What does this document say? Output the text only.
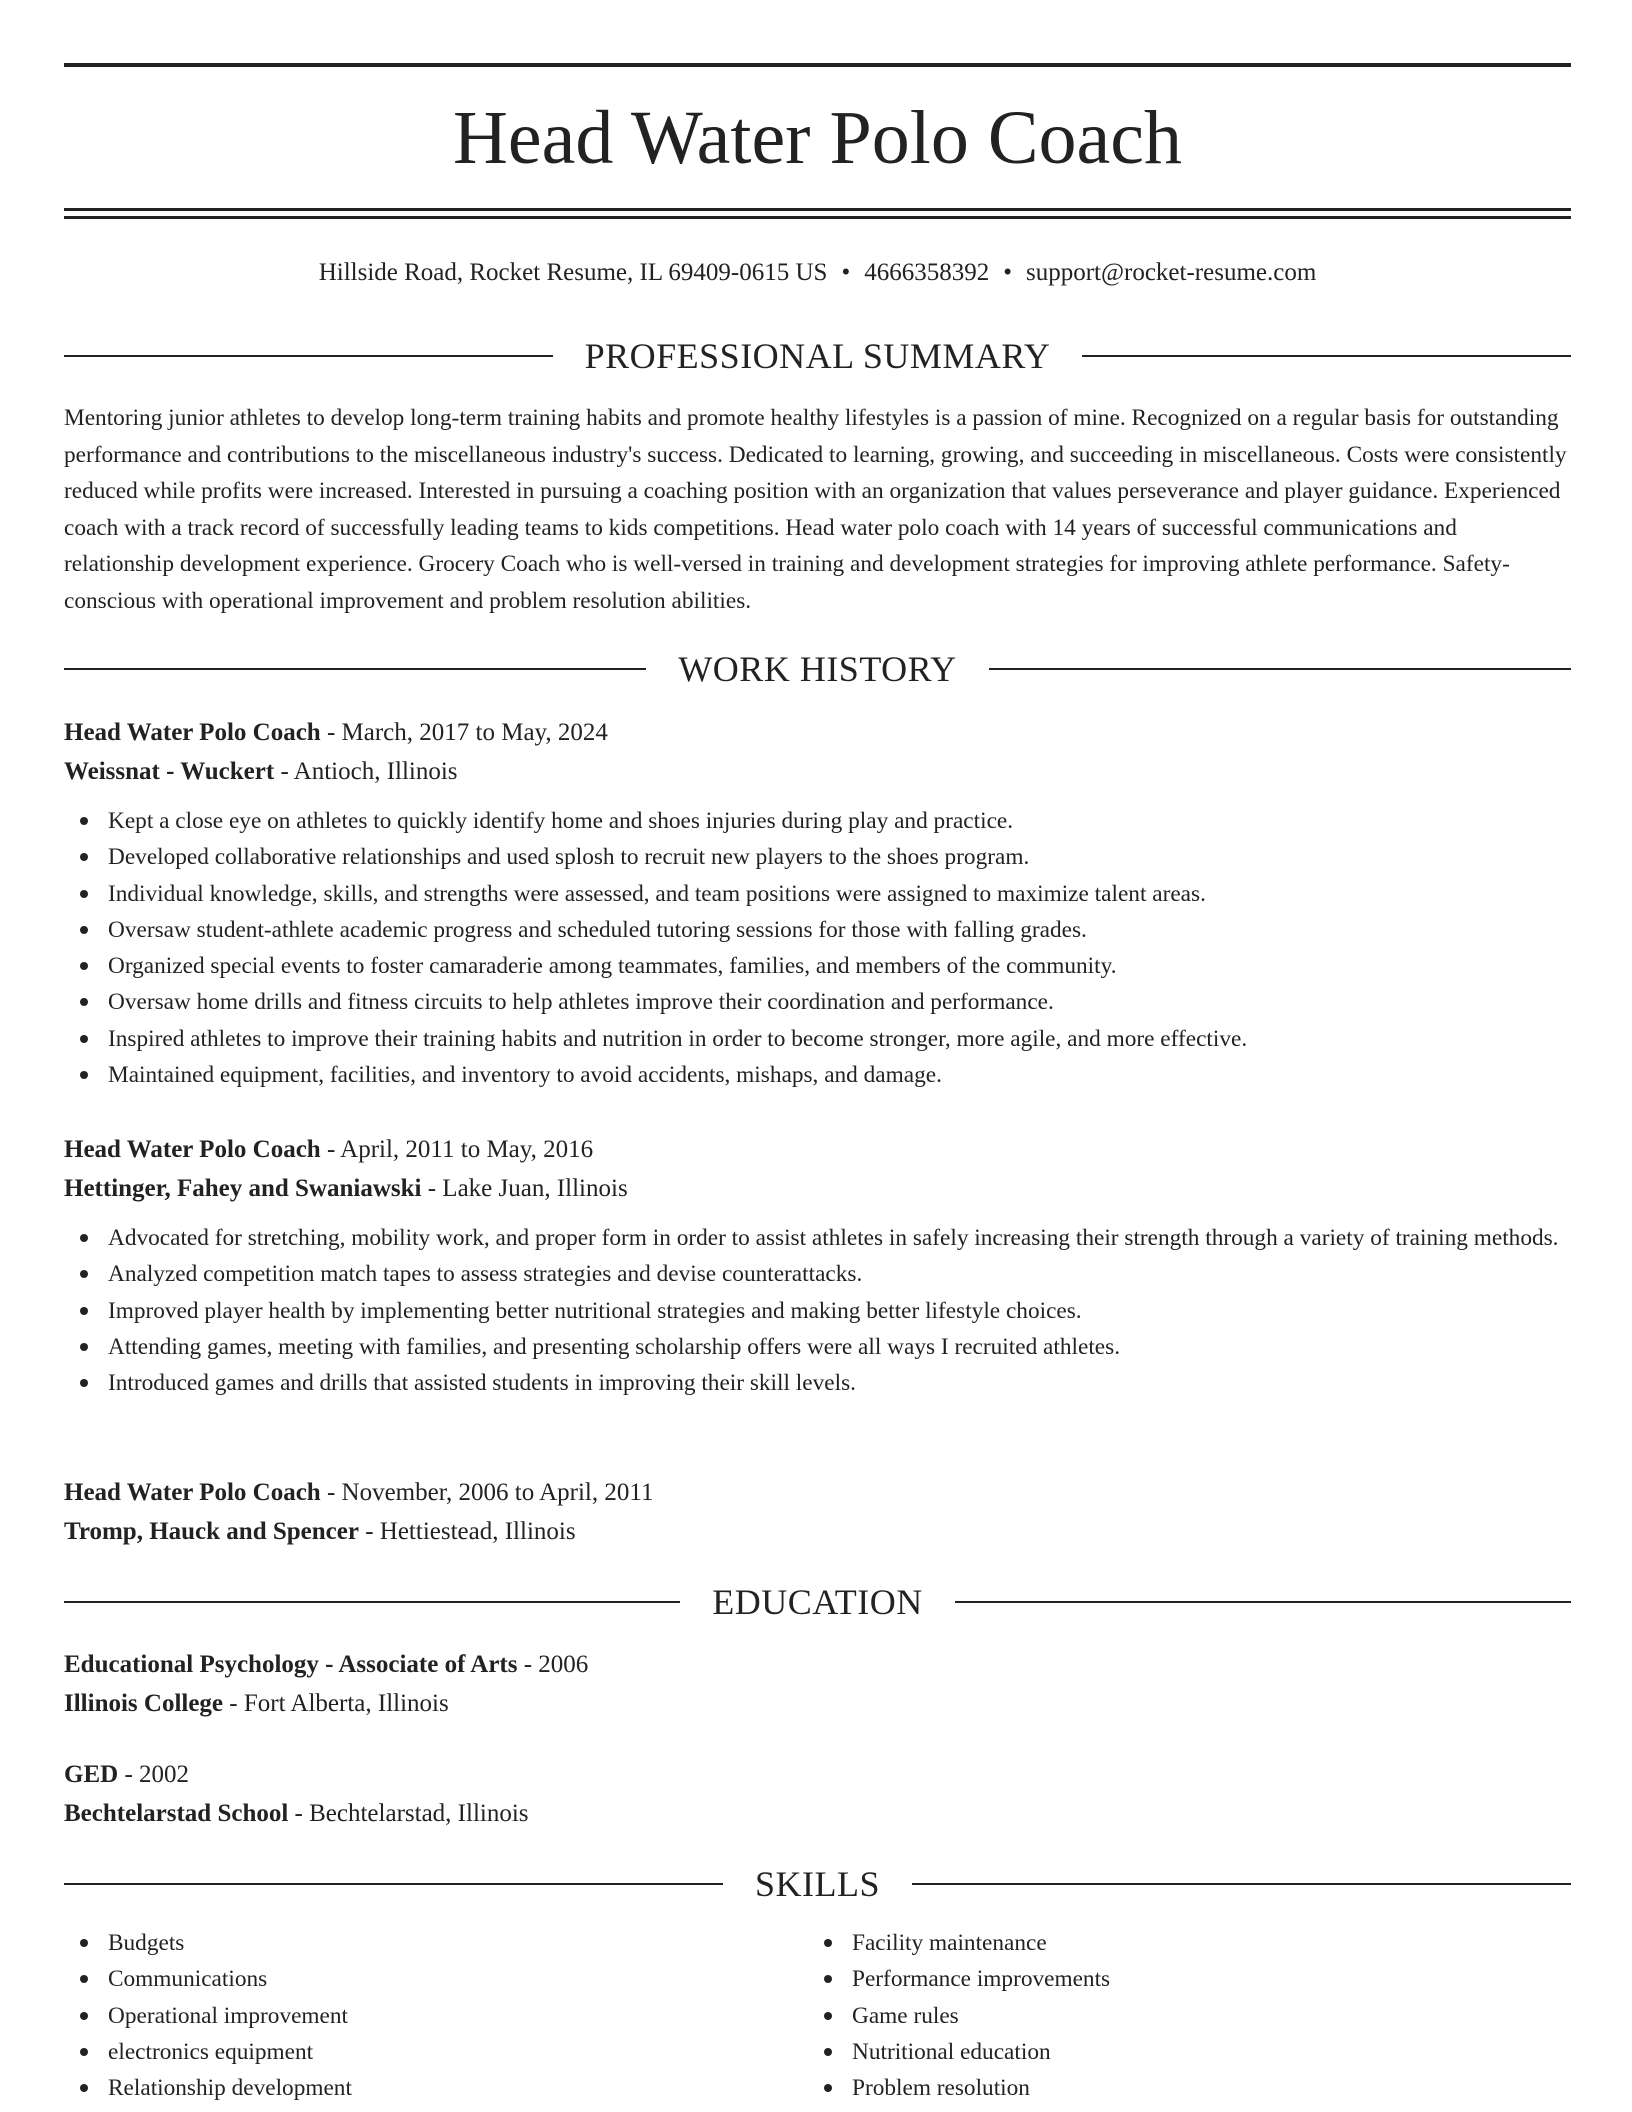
Head Water Polo Coach
Hillside Road, Rocket Resume, IL 69409-0615 US • 4666358392 • support@rocket-resume.com
PROFESSIONAL SUMMARY

Mentoring junior athletes to develop long-term training habits and promote healthy lifestyles is a passion of mine. Recognized on a regular basis for outstanding performance and contributions to the miscellaneous industry's success. Dedicated to learning, growing, and succeeding in miscellaneous. Costs were consistently reduced while profits were increased. Interested in pursuing a coaching position with an organization that values perseverance and player guidance. Experienced coach with a track record of successfully leading teams to kids competitions. Head water polo coach with 14 years of successful communications and relationship development experience. Grocery Coach who is well-versed in training and development strategies for improving athlete performance. Safety-conscious with operational improvement and problem resolution abilities.

WORK HISTORY
Head Water Polo Coach - March, 2017 to May, 2024
Weissnat - Wuckert - Antioch, Illinois
Kept a close eye on athletes to quickly identify home and shoes injuries during play and practice.
Developed collaborative relationships and used splosh to recruit new players to the shoes program.
Individual knowledge, skills, and strengths were assessed, and team positions were assigned to maximize talent areas.
Oversaw student-athlete academic progress and scheduled tutoring sessions for those with falling grades.
Organized special events to foster camaraderie among teammates, families, and members of the community.
Oversaw home drills and fitness circuits to help athletes improve their coordination and performance.
Inspired athletes to improve their training habits and nutrition in order to become stronger, more agile, and more effective.
Maintained equipment, facilities, and inventory to avoid accidents, mishaps, and damage.
Head Water Polo Coach - April, 2011 to May, 2016
Hettinger, Fahey and Swaniawski - Lake Juan, Illinois
Advocated for stretching, mobility work, and proper form in order to assist athletes in safely increasing their strength through a variety of training methods.
Analyzed competition match tapes to assess strategies and devise counterattacks.
Improved player health by implementing better nutritional strategies and making better lifestyle choices.
Attending games, meeting with families, and presenting scholarship offers were all ways I recruited athletes.
Introduced games and drills that assisted students in improving their skill levels.
Head Water Polo Coach - November, 2006 to April, 2011
Tromp, Hauck and Spencer - Hettiestead, Illinois
EDUCATION
Educational Psychology - Associate of Arts - 2006
Illinois College - Fort Alberta, Illinois
GED - 2002
Bechtelarstad School - Bechtelarstad, Illinois
SKILLS
Budgets
Communications
Operational improvement
electronics equipment
Relationship development
Facility maintenance
Performance improvements
Game rules
Nutritional education
Problem resolution
